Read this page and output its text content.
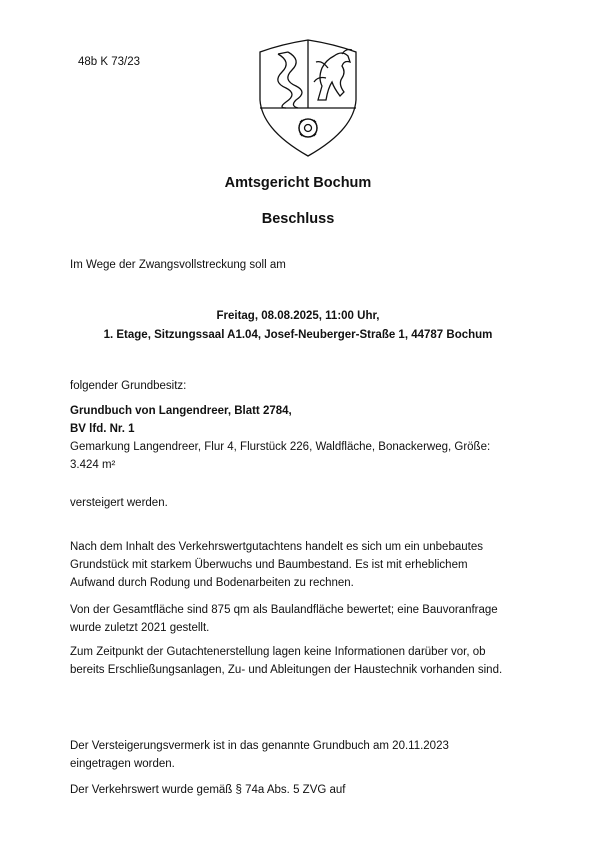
48b K 73/23
Amtsgericht Bochum
Beschluss
Im Wege der Zwangsvollstreckung soll am
Freitag, 08.08.2025, 11:00 Uhr,
1. Etage, Sitzungssaal A1.04, Josef-Neuberger-Straße 1, 44787 Bochum
folgender Grundbesitz:
Grundbuch von Langendreer, Blatt 2784,
BV lfd. Nr. 1
Gemarkung Langendreer, Flur 4, Flurstück 226, Waldfläche, Bonackerweg, Größe:
3.424 m²
versteigert werden.
Nach dem Inhalt des Verkehrswertgutachtens handelt es sich um ein unbebautes
Grundstück mit starkem Überwuchs und Baumbestand. Es ist mit erheblichem
Aufwand durch Rodung und Bodenarbeiten zu rechnen.
Von der Gesamtfläche sind 875 qm als Baulandfläche bewertet; eine Bauvoranfrage
wurde zuletzt 2021 gestellt.
Zum Zeitpunkt der Gutachtenerstellung lagen keine Informationen darüber vor, ob
bereits Erschließungsanlagen, Zu- und Ableitungen der Haustechnik vorhanden sind.
Der Versteigerungsvermerk ist in das genannte Grundbuch am 20.11.2023
eingetragen worden.
Der Verkehrswert wurde gemäß § 74a Abs. 5 ZVG auf
